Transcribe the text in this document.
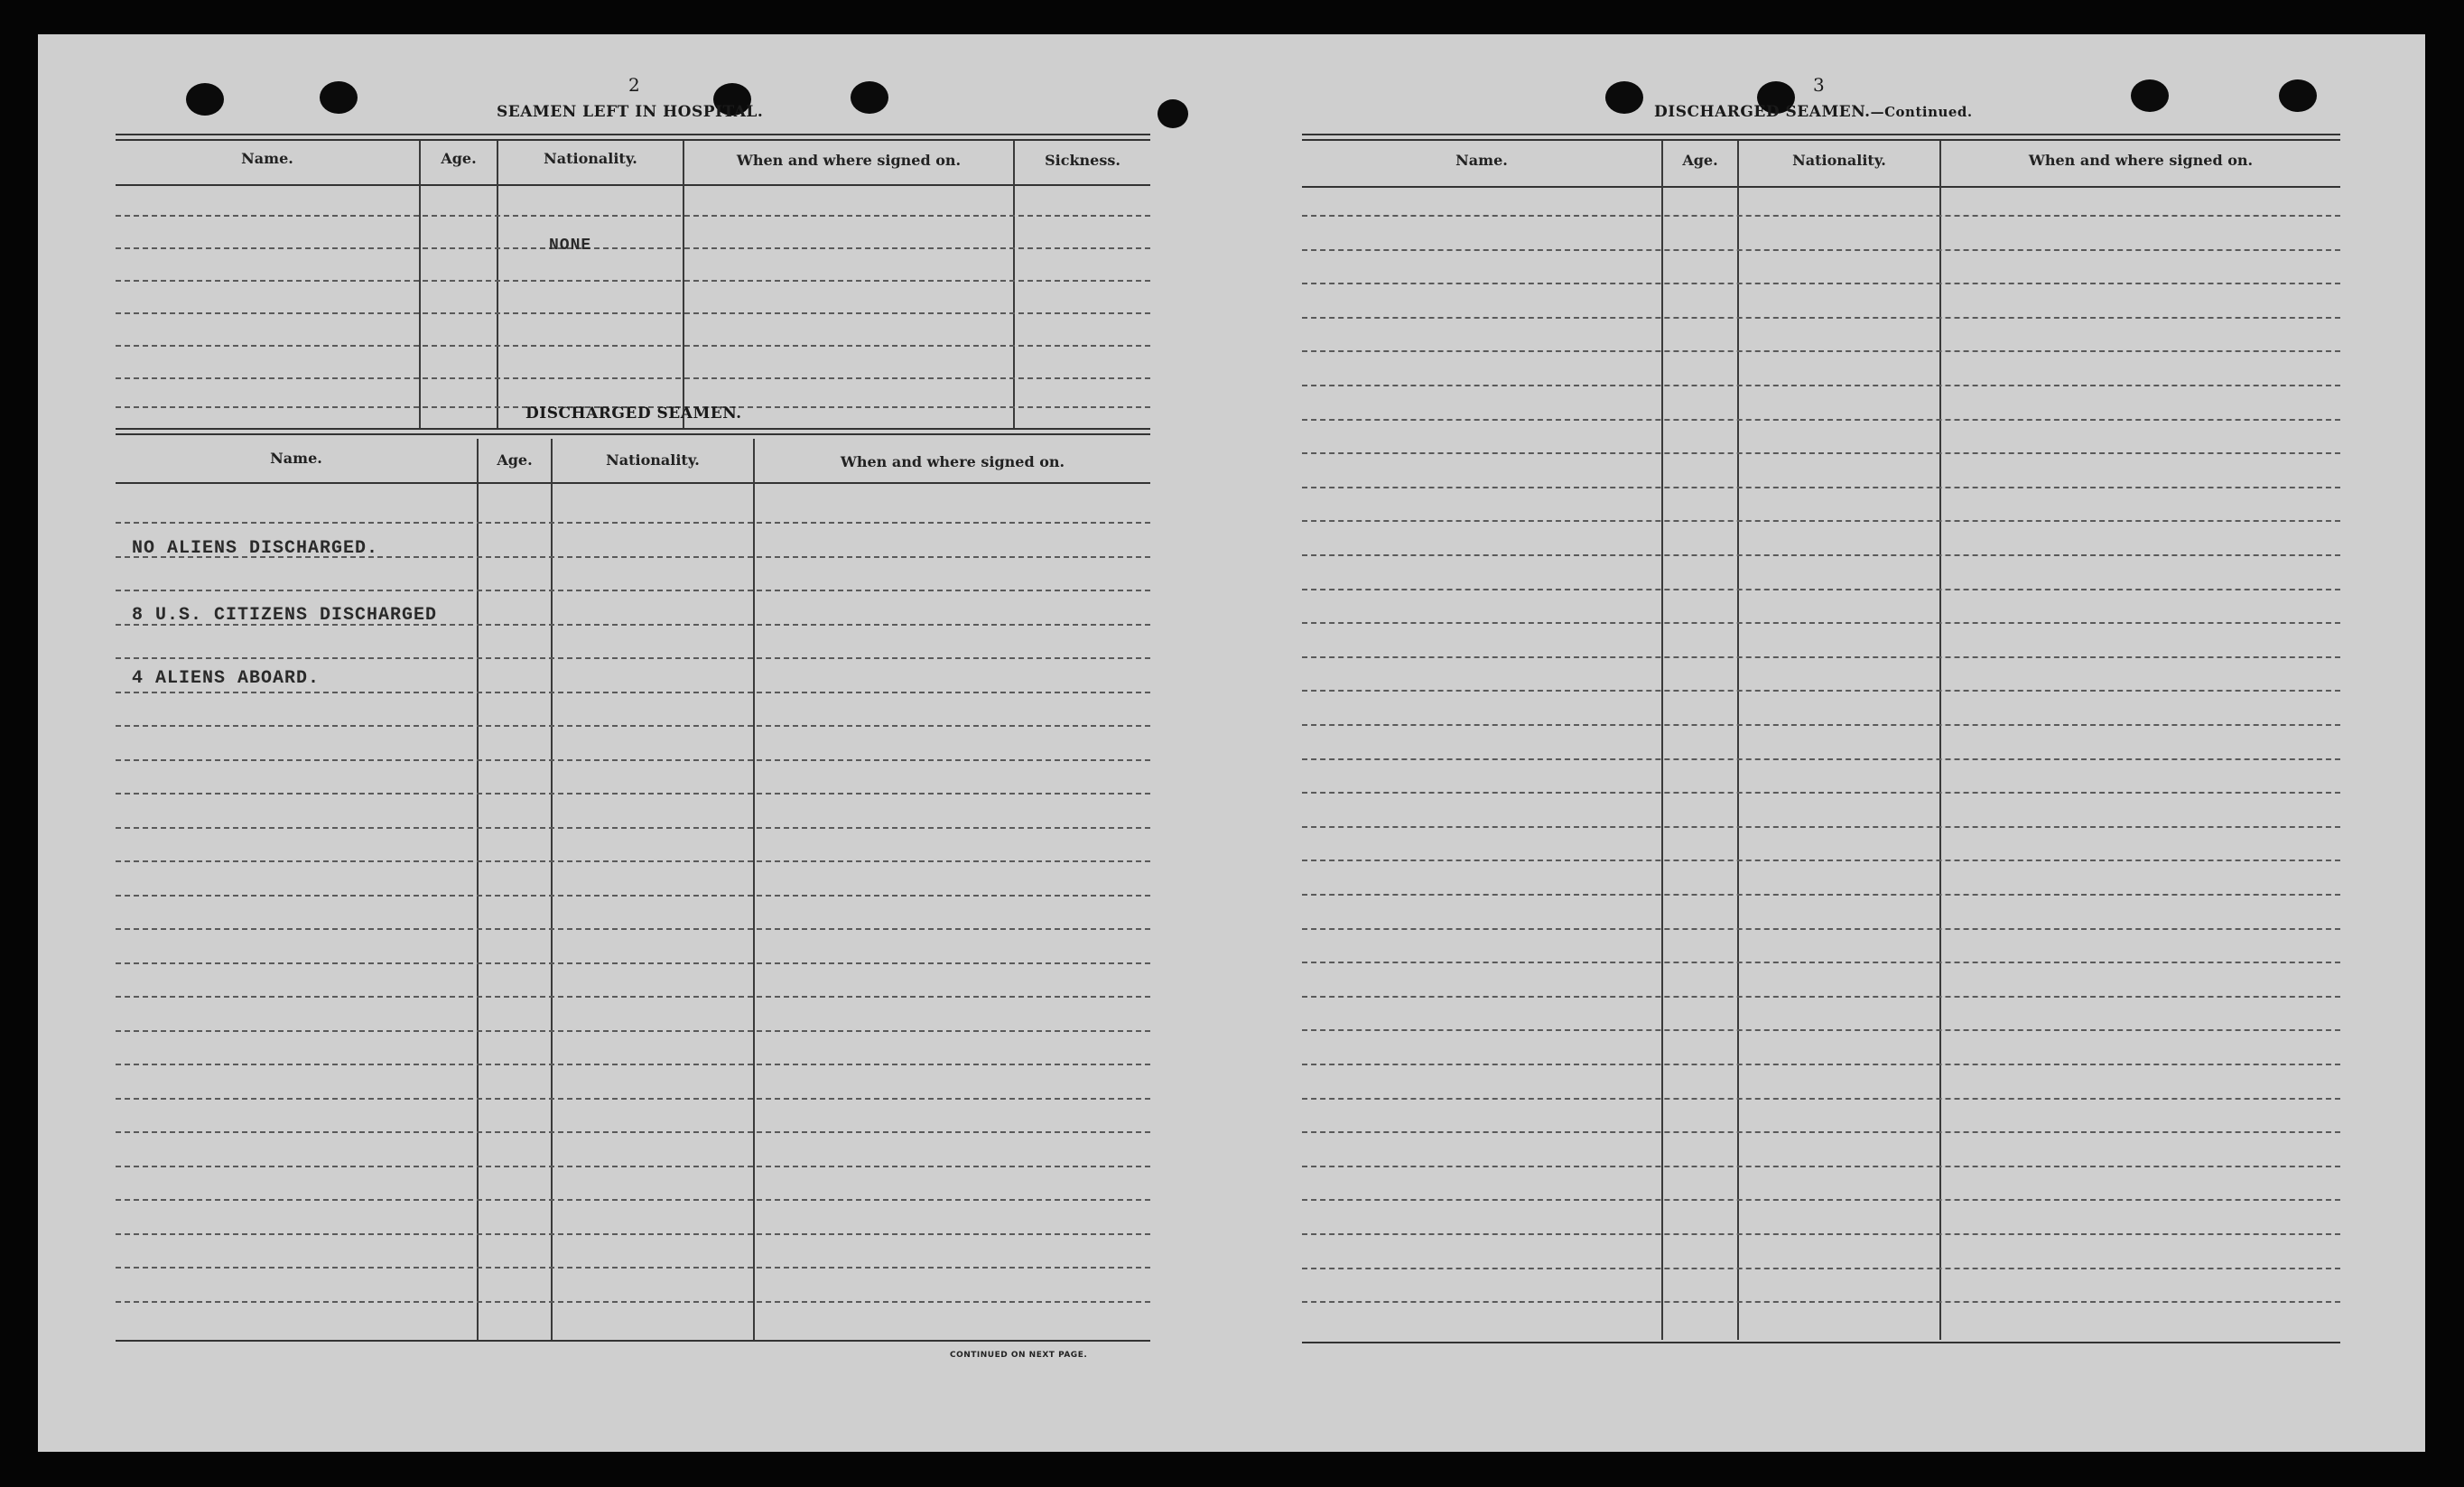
2
SEAMEN LEFT IN HOSPITAL.
Name.	Age.	Nationality.	When and where signed on.	Sickness.
NONE
DISCHARGED SEAMEN.
Name.	Age.	Nationality.	When and where signed on.
NO ALIENS DISCHARGED.
8 U.S. CITIZENS DISCHARGED
4 ALIENS ABOARD.
CONTINUED ON NEXT PAGE.
3
DISCHARGED SEAMEN.—Continued.
Name.	Age.	Nationality.	When and where signed on.
